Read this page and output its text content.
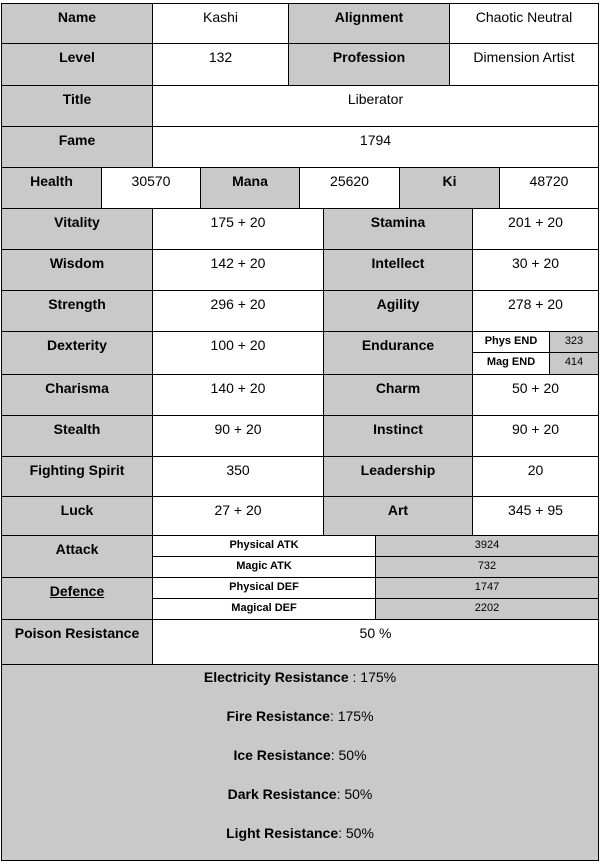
Name	Kashi	Alignment	Chaotic Neutral
Level	132	Profession	Dimension Artist
Title	Liberator
Fame	1794
Health	30570	Mana	25620	Ki	48720
Vitality	175 + 20	Stamina	201 + 20
Wisdom	142 + 20	Intellect	30 + 20
Strength	296 + 20	Agility	278 + 20
Dexterity	100 + 20	Endurance	Phys END	323
Mag END	414
Charisma	140 + 20	Charm	50 + 20
Stealth	90 + 20	Instinct	90 + 20
Fighting Spirit	350	Leadership	20
Luck	27 + 20	Art	345 + 95
Attack	Physical ATK	3924
Magic ATK	732
Defence	Physical DEF	1747
Magical DEF	2202
Poison Resistance	50 %
Electricity Resistance : 175%
Fire Resistance: 175%
Ice Resistance: 50%
Dark Resistance: 50%
Light Resistance: 50%
